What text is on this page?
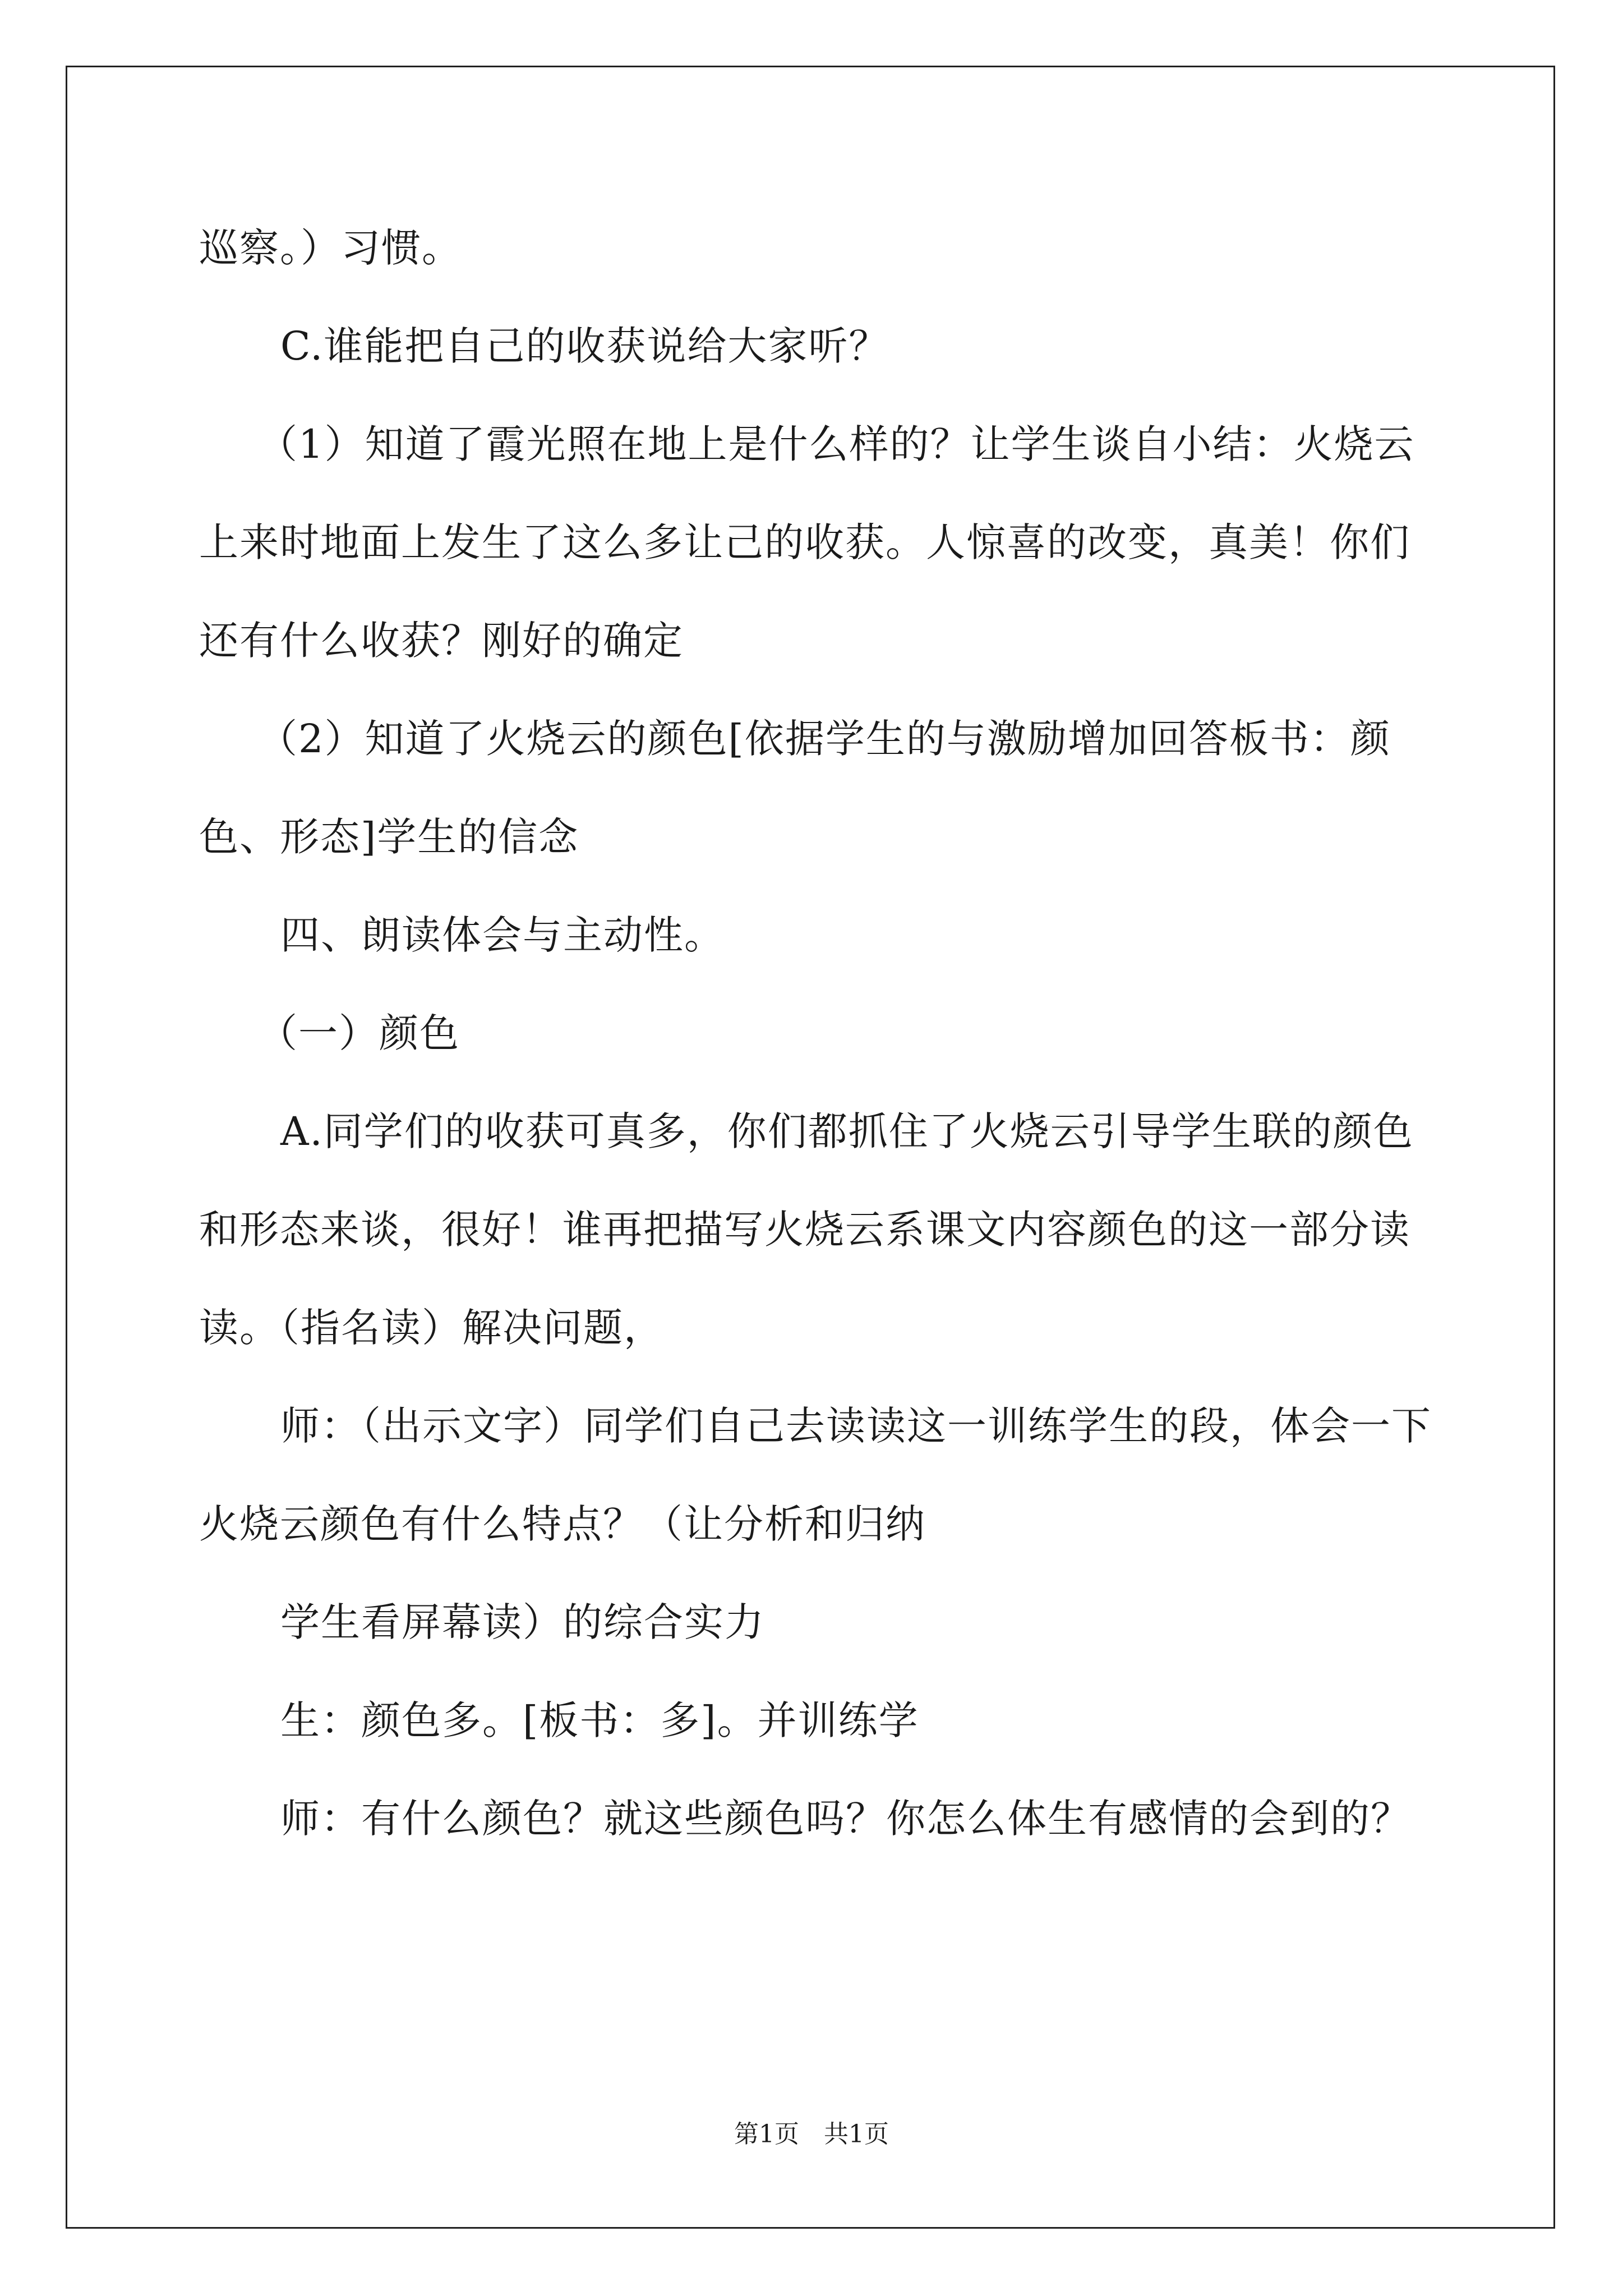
巡察。）习惯。
C.谁能把自己的收获说给大家听？
（1）知道了霞光照在地上是什么样的？让学生谈自小结：火烧云
上来时地面上发生了这么多让己的收获。人惊喜的改变，真美！你们
还有什么收获？刚好的确定
（2）知道了火烧云的颜色[依据学生的与激励增加回答板书：颜
色、形态]学生的信念
四、朗读体会与主动性。
（一）颜色
A.同学们的收获可真多，你们都抓住了火烧云引导学生联的颜色
和形态来谈，很好！谁再把描写火烧云系课文内容颜色的这一部分读
读。（指名读）解决问题，
师：（出示文字）同学们自己去读读这一训练学生的段，体会一下
火烧云颜色有什么特点？（让分析和归纳
学生看屏幕读）的综合实力
生：颜色多。[板书：多]。并训练学
师：有什么颜色？就这些颜色吗？你怎么体生有感情的会到的？
第1页　共1页
